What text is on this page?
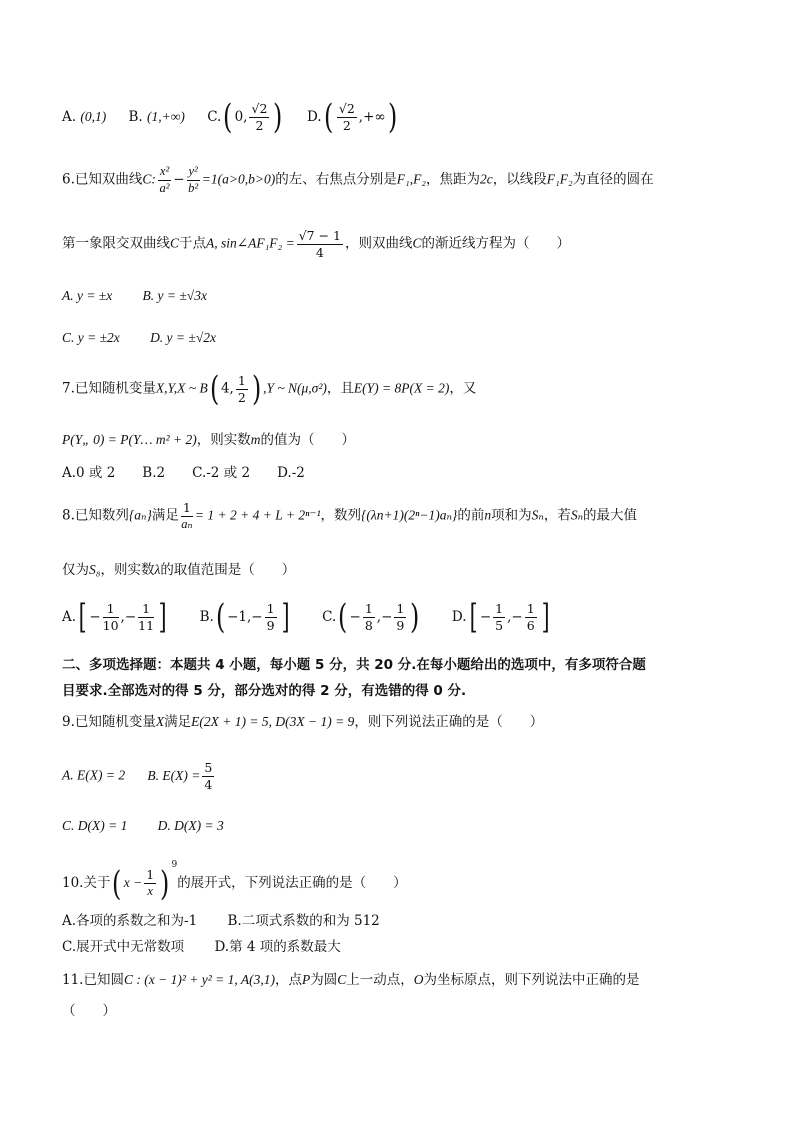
A. (0,1) B. (1,+∞) C.( 0, $\frac{√2}{2}$ ) $D.( \frac{√2}{2}$ ,+∞)
6.已知双曲线C: $\frac{\text{x²}}{\text{a²}} - \frac{\text{y²}}{\text{b²}} =1(a>0,b>0)$的左、右焦点分别是F₁,F₂，焦距为2c，以线段F₁F₂为直径的圆在
第一象限交双曲线C于点A, sin∠AF₁F₂ = $\frac{√7 - 1}{4}$ ，则双曲线C的渐近线方程为（　　）
A. y = ±x B. y = ±√3x
C. y = ±2x D. y = ±√2x
7.已知随机变量X,Y,X ~ B( 4, $\frac{1}{2}$ ) ,Y ~ N(μ,σ²)，且E(Y) = 8P(X = 2)，又
P(Y„ 0) = P(Y… m² + 2)，则实数m的值为（　　）
A.0 或 2　　B.2　　C.-2 或 2　　D.-2
8.已知数列{aₙ}满足 $\frac{1}{\text{aₙ}} = 1 + 2 + 4 + L + 2^{n-1}$，数列{(λn+1)(2ⁿ−1)aₙ}的前n项和为Sₙ，若Sₙ的最大值
仅为S₈，则实数λ的取值范围是（　　）
$A.[ - \frac{1}{10}$ ,− $\frac{1}{11}$ ] $B.( -1,- \frac{1}{9}$ ] $C.( - \frac{1}{8}$ ,− $\frac{1}{9}$ ) $D.[ - \frac{1}{5}$ ,− $\frac{1}{6}$ ]
二、多项选择题：本题共 4 小题，每小题 5 分，共 20 分.在每小题给出的选项中，有多项符合题
目要求.全部选对的得 5 分，部分选对的得 2 分，有选错的得 0 分.
9.已知随机变量X满足E(2X + 1) = 5, D(3X − 1) = 9，则下列说法正确的是（　　）
A. E(X) = 2 B. $E(X) = \frac{5}{4}$
C. D(X) = 1 D. D(X) = 3
10.关于( $x - \frac{1}{x}$ ) $^9$的展开式，下列说法正确的是（　　）
A.各项的系数之和为-1 B.二项式系数的和为 512
C.展开式中无常数项 D.第 4 项的系数最大
11.已知圆C : (x − 1)² + y² = 1, A(3,1)，点P为圆C上一动点，O为坐标原点，则下列说法中正确的是
（　　）
